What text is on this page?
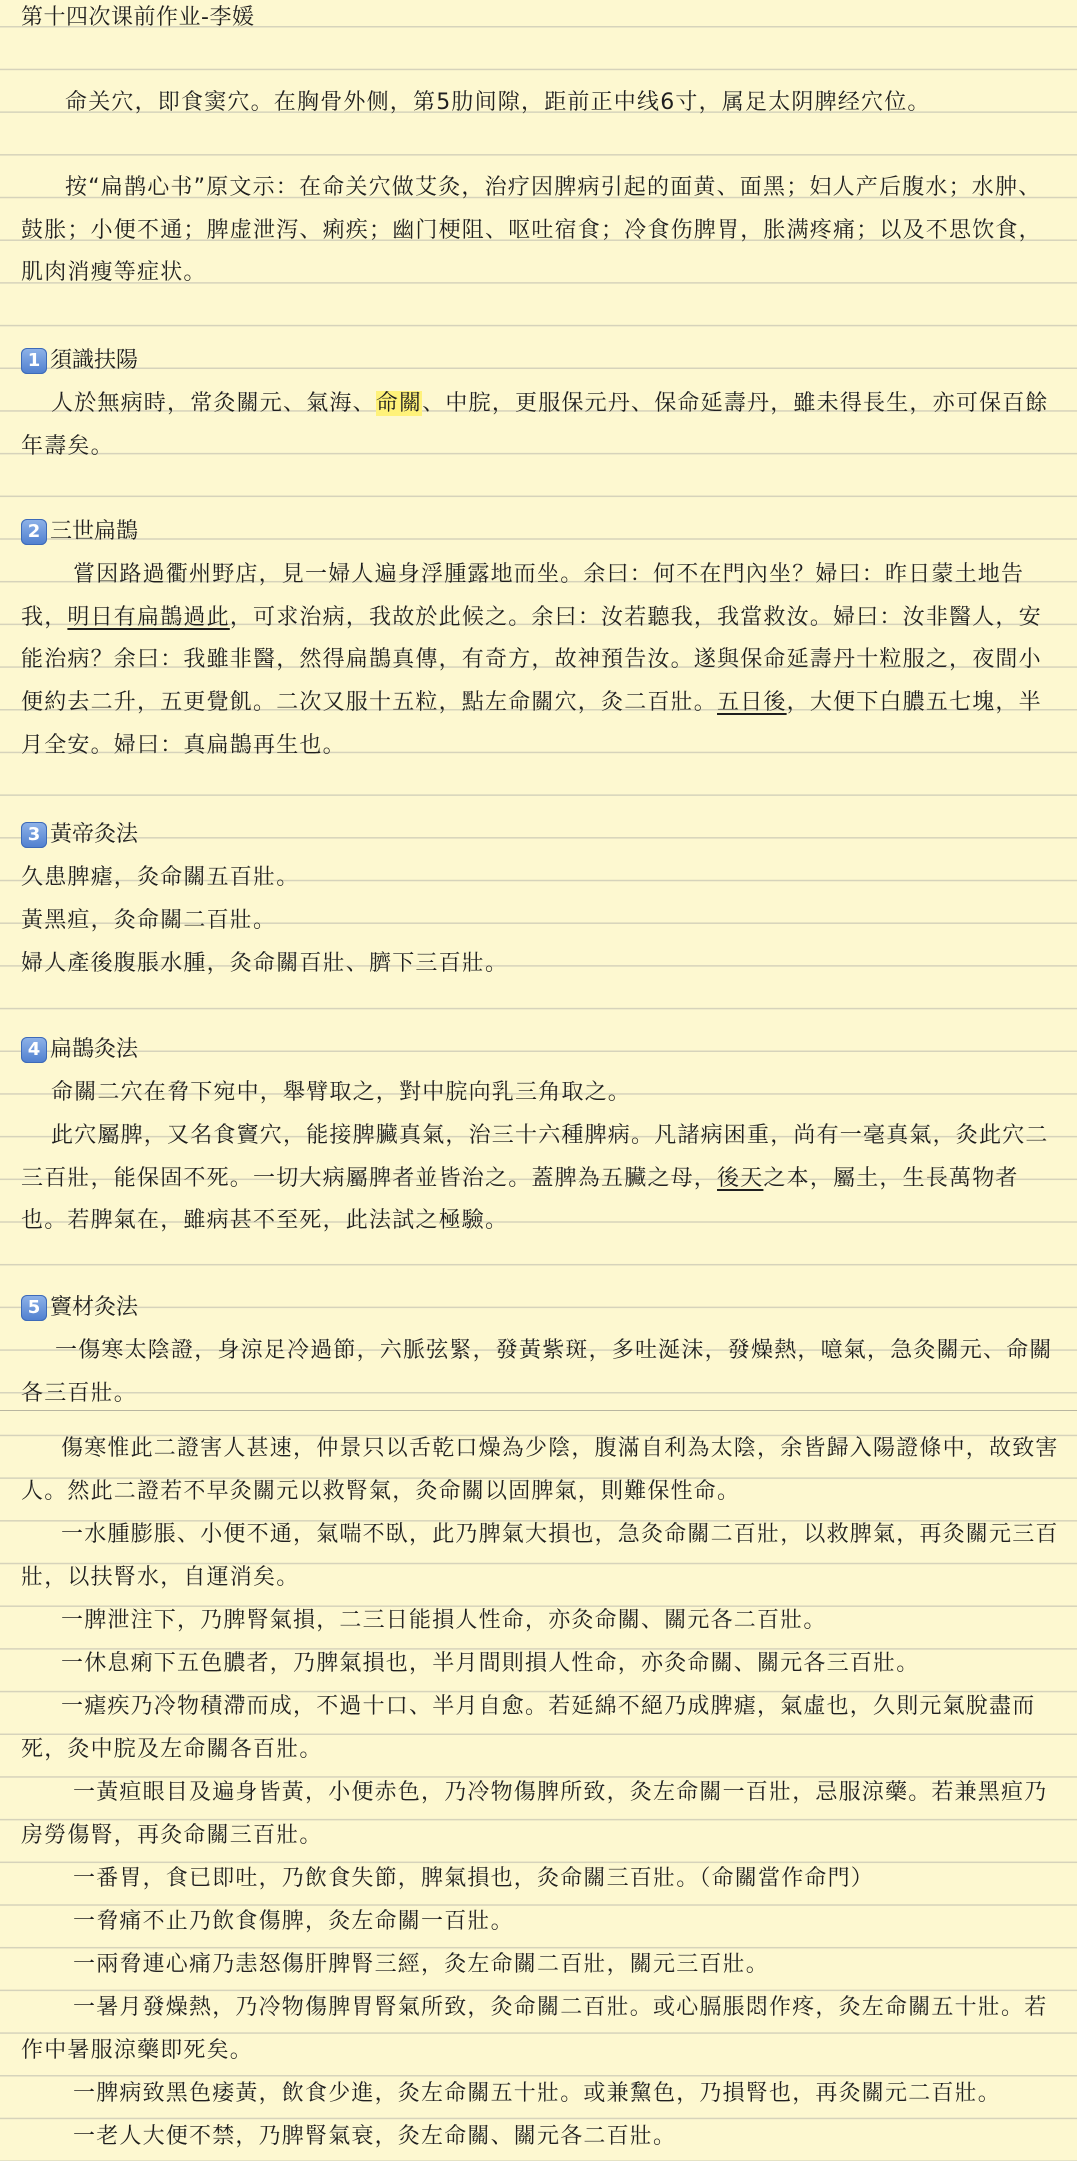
第十四次课前作业-李媛
命关穴，即食窦穴。在胸骨外侧，第5肋间隙，距前正中线6寸，属足太阴脾经穴位。
按“扁鹊心书”原文示：在命关穴做艾灸，治疗因脾病引起的面黄、面黑；妇人产后腹水；水肿、鼓胀；小便不通；脾虚泄泻、痢疾；幽门梗阻、呕吐宿食；冷食伤脾胃，胀满疼痛；以及不思饮食，肌肉消瘦等症状。
1 須識扶陽
人於無病時，常灸關元、氣海、命關、中脘，更服保元丹、保命延壽丹，雖未得長生，亦可保百餘年壽矣。
2 三世扁鵲
嘗因路過衢州野店，見一婦人遍身浮腫露地而坐。余曰：何不在門內坐？婦曰：昨日蒙土地告我，明日有扁鵲過此，可求治病，我故於此候之。余曰：汝若聽我，我當救汝。婦曰：汝非醫人，安能治病？余曰：我雖非醫，然得扁鵲真傳，有奇方，故神預告汝。遂與保命延壽丹十粒服之，夜間小便約去二升，五更覺飢。二次又服十五粒，點左命關穴，灸二百壯。五日後，大便下白膿五七塊，半月全安。婦曰：真扁鵲再生也。
3 黃帝灸法
久患脾瘧，灸命關五百壯。
黃黑疸，灸命關二百壯。
婦人產後腹脹水腫，灸命關百壯、臍下三百壯。
4 扁鵲灸法
命關二穴在脅下宛中，舉臂取之，對中脘向乳三角取之。
此穴屬脾，又名食竇穴，能接脾臟真氣，治三十六種脾病。凡諸病困重，尚有一毫真氣，灸此穴二三百壯，能保固不死。一切大病屬脾者並皆治之。蓋脾為五臟之母，後天之本，屬土，生長萬物者也。若脾氣在，雖病甚不至死，此法試之極驗。
5 竇材灸法
一傷寒太陰證，身涼足冷過節，六脈弦緊，發黃紫斑，多吐涎沫，發燥熱，噫氣，急灸關元、命關各三百壯。
傷寒惟此二證害人甚速，仲景只以舌乾口燥為少陰，腹滿自利為太陰，余皆歸入陽證條中，故致害人。然此二證若不早灸關元以救腎氣，灸命關以固脾氣，則難保性命。
一水腫膨脹、小便不通，氣喘不臥，此乃脾氣大損也，急灸命關二百壯，以救脾氣，再灸關元三百壯，以扶腎水，自運消矣。
一脾泄注下，乃脾腎氣損，二三日能損人性命，亦灸命關、關元各二百壯。
一休息痢下五色膿者，乃脾氣損也，半月間則損人性命，亦灸命關、關元各三百壯。
一瘧疾乃冷物積滯而成，不過十口、半月自愈。若延綿不絕乃成脾瘧，氣虛也，久則元氣脫盡而死，灸中脘及左命關各百壯。
一黃疸眼目及遍身皆黃，小便赤色，乃冷物傷脾所致，灸左命關一百壯，忌服涼藥。若兼黑疸乃房勞傷腎，再灸命關三百壯。
一番胃，食已即吐，乃飲食失節，脾氣損也，灸命關三百壯。（命關當作命門）
一脅痛不止乃飲食傷脾，灸左命關一百壯。
一兩脅連心痛乃恚怒傷肝脾腎三經，灸左命關二百壯，關元三百壯。
一暑月發燥熱，乃冷物傷脾胃腎氣所致，灸命關二百壯。或心膈脹悶作疼，灸左命關五十壯。若作中暑服涼藥即死矣。
一脾病致黑色痿黃，飲食少進，灸左命關五十壯。或兼黧色，乃損腎也，再灸關元二百壯。
一老人大便不禁，乃脾腎氣衰，灸左命關、關元各二百壯。
